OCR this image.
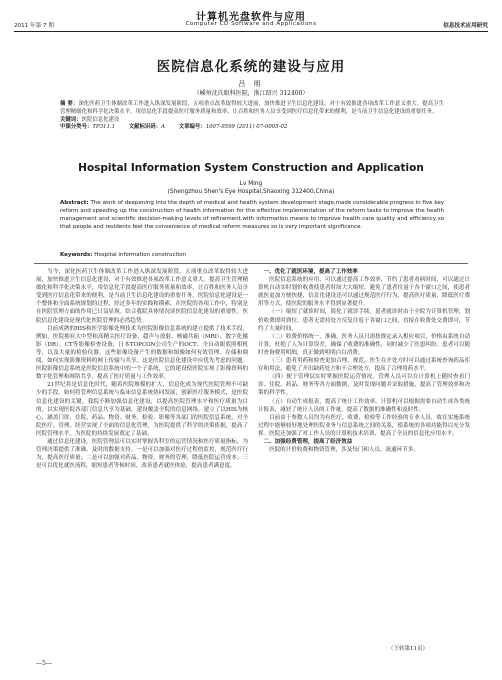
计算机光盘软件与应用
2011 年第 7 期	Computer CD Software and Applications	信息技术应用研究
医院信息化系统的建设与应用
吕 明
（嵊州沈氏眼科医院，浙江绍兴 312400）
摘 要：深化医药卫生体制改革工作进入纵深发展阶段，五项重点改革取得较大进展，加快推进卫生信息化建设，对于有效推进各项改革工作意义重大。提高卫生管理精细化和科学化决策水平，用信息化手段提高医疗服务质量和效率，让百姓和医务人员享受到医疗信息化带来的便利，是当前卫生信息化建设的重要任务。
关键词：医院信息化建设
中图分类号：TP311.1	文献标识码：A	文章编号：1007-9599 (2011) 07-0005-02
Hospital Information System Construction and Application
Lv Ming
(Shengzhou Shen's Eye Hospital,Shaoxing 312400,China)
Abstract: The work of deepening into the depth of medical and health system development stage,made considerable progress in five key reform and speeding up the construction of health information for the effective implementation of the reform tasks to improve the health management and scientific decision-making levels of refinement,with information means to improve health care quality and efficiency,so that people and residents feel the convenience of medical reform measures so is very important significance.
Keywords: Hospital information construction

当今，深化医药卫生体制改革工作进入纵深发展阶段，五项重点改革取得较大进展，加快推进卫生信息化建设，对于有效推进各项改革工作意义重大。提高卫生管理精细化和科学化决策水平，用信息化手段提高医疗服务质量和效率，让百姓和医务人员享受到医疗信息化带来的便利，是当前卫生信息化建设的重要任务。医院信息化建设是一个整体和全面系统规划的过程，经过多年的实践和摸索，在医院的各项工作中，特别是在医院管理方面的作用已日益显现。结合我院具体情况谈医院信息化建设的重要性。医院信息化建设是现代化医院管理的必然趋势。

目前成熟的HIS和医学影像处理技术为医院影像信息系统的建立提供了技术手段。例如，医院拥有大中型和高精尖医疗设备，超声与放射、核磁共振（MRI）、数字化摄影（DR）、CT等影像检查设备，日本TOPCON公司生产的OCT、全自动眼底照相机等，以及大量的检验仪器。这些影像设备产生的数据和图像如何有效管理、存储和调阅，如何实现影像资料的网上传输与共享，这是医院信息化建设中应优先考虑的问题。医院影像信息系统是医院信息系统中的一个子系统，它的建设使医院实现了影像资料的数字化管理和网络共享，提高了医疗质量与工作效率。

21世纪将是信息化时代，随着医院规模的扩大，信息化成为现代医院管理不可缺少的手段。如何将管理信息系统与临床信息系统协同发展，创新医疗服务模式，是医院信息化建设的关键。我院不断加强信息化建设，以提高医院管理水平和医疗质量为目的，以实现医院各部门信息共享为基础，建设覆盖全院的信息网络，建立了以HIS为核心，涵盖门诊、住院、药品、物资、财务、检验、影像等各部门的医院信息系统，对全院医疗、管理、经营实现了全面的信息化管理，为医院提供了科学的决策依据，提高了医院管理水平，为医院的持续发展奠定了基础。

通过信息化建设，医院管理层可以实时掌握各科室的运营情况和医疗质量指标，为管理决策提供了准确、及时的数据支持。一是可以加强对医疗过程的监控，规范医疗行为，提高医疗质量；二是可以加强对药品、物资、财务的管理，降低医院运营成本；三是可以优化就医流程，缩短患者等候时间，改善患者就医体验，提高患者满意度。

一、优化了就医环境，提高了工作效率

医院信息系统的应用，可以通过提高工作效率，节约了患者看病时间，可以通过计算机自动实时划价收费使患者时间大大缩短，避免了患者往返于各个窗口之间，使患者就医更加方便快捷，信息化建设还可以通过规范医疗行为、提高医疗质量、降低医疗费用等方式，使医院的服务水平得到显著提升。

（一）缩短了就诊时间，简化了就诊手续。患者就诊时由于全院为计算机管理，划价收费即时到位，患者无需持处方反复往返于各窗口之间，直接在收费处交费即可，节约了大量时间。

（二）收费价格统一、准确。医务人员只需按规定录入相应项目，价格由系统自动计算，杜绝了人为计算误差，确保了收费的准确性，同时减少了医患纠纷。患者可以随时查询费用明细，真正做到明明白白消费。

（三）患者用药和检查更加合理、规范。医生在开处方时可以通过系统查询药品库存和用法，避免了开出缺药处方和不合理处方，提高了合理用药水平。

（四）便于管理层实时掌握医院运营情况。管理人员可以在计算机上随时查看门诊、住院、药品、财务等各方面数据，及时发现问题并采取措施，提高了管理效率和决策的科学性。

（五）自动生成报表，提高了统计工作效率。计算机可以根据需要自动生成各类统计报表，减轻了统计人员的工作量，提高了数据的准确性和及时性。

目前由于参数人员均为有医疗、收费、检验等工作经验的专业人员，故在实施系统过程中能够较好地处理医院业务与信息系统之间的关系，使系统的各项功能得以充分发挥。医院还加强了对工作人员的计算机技术培训，提高了全员的信息化应用水平。

二、加强经费管理，提高了经济效益

医院的计价收费和物资管理，涉及每门和人员、流通环节多，

（下转第11页）
—5—
